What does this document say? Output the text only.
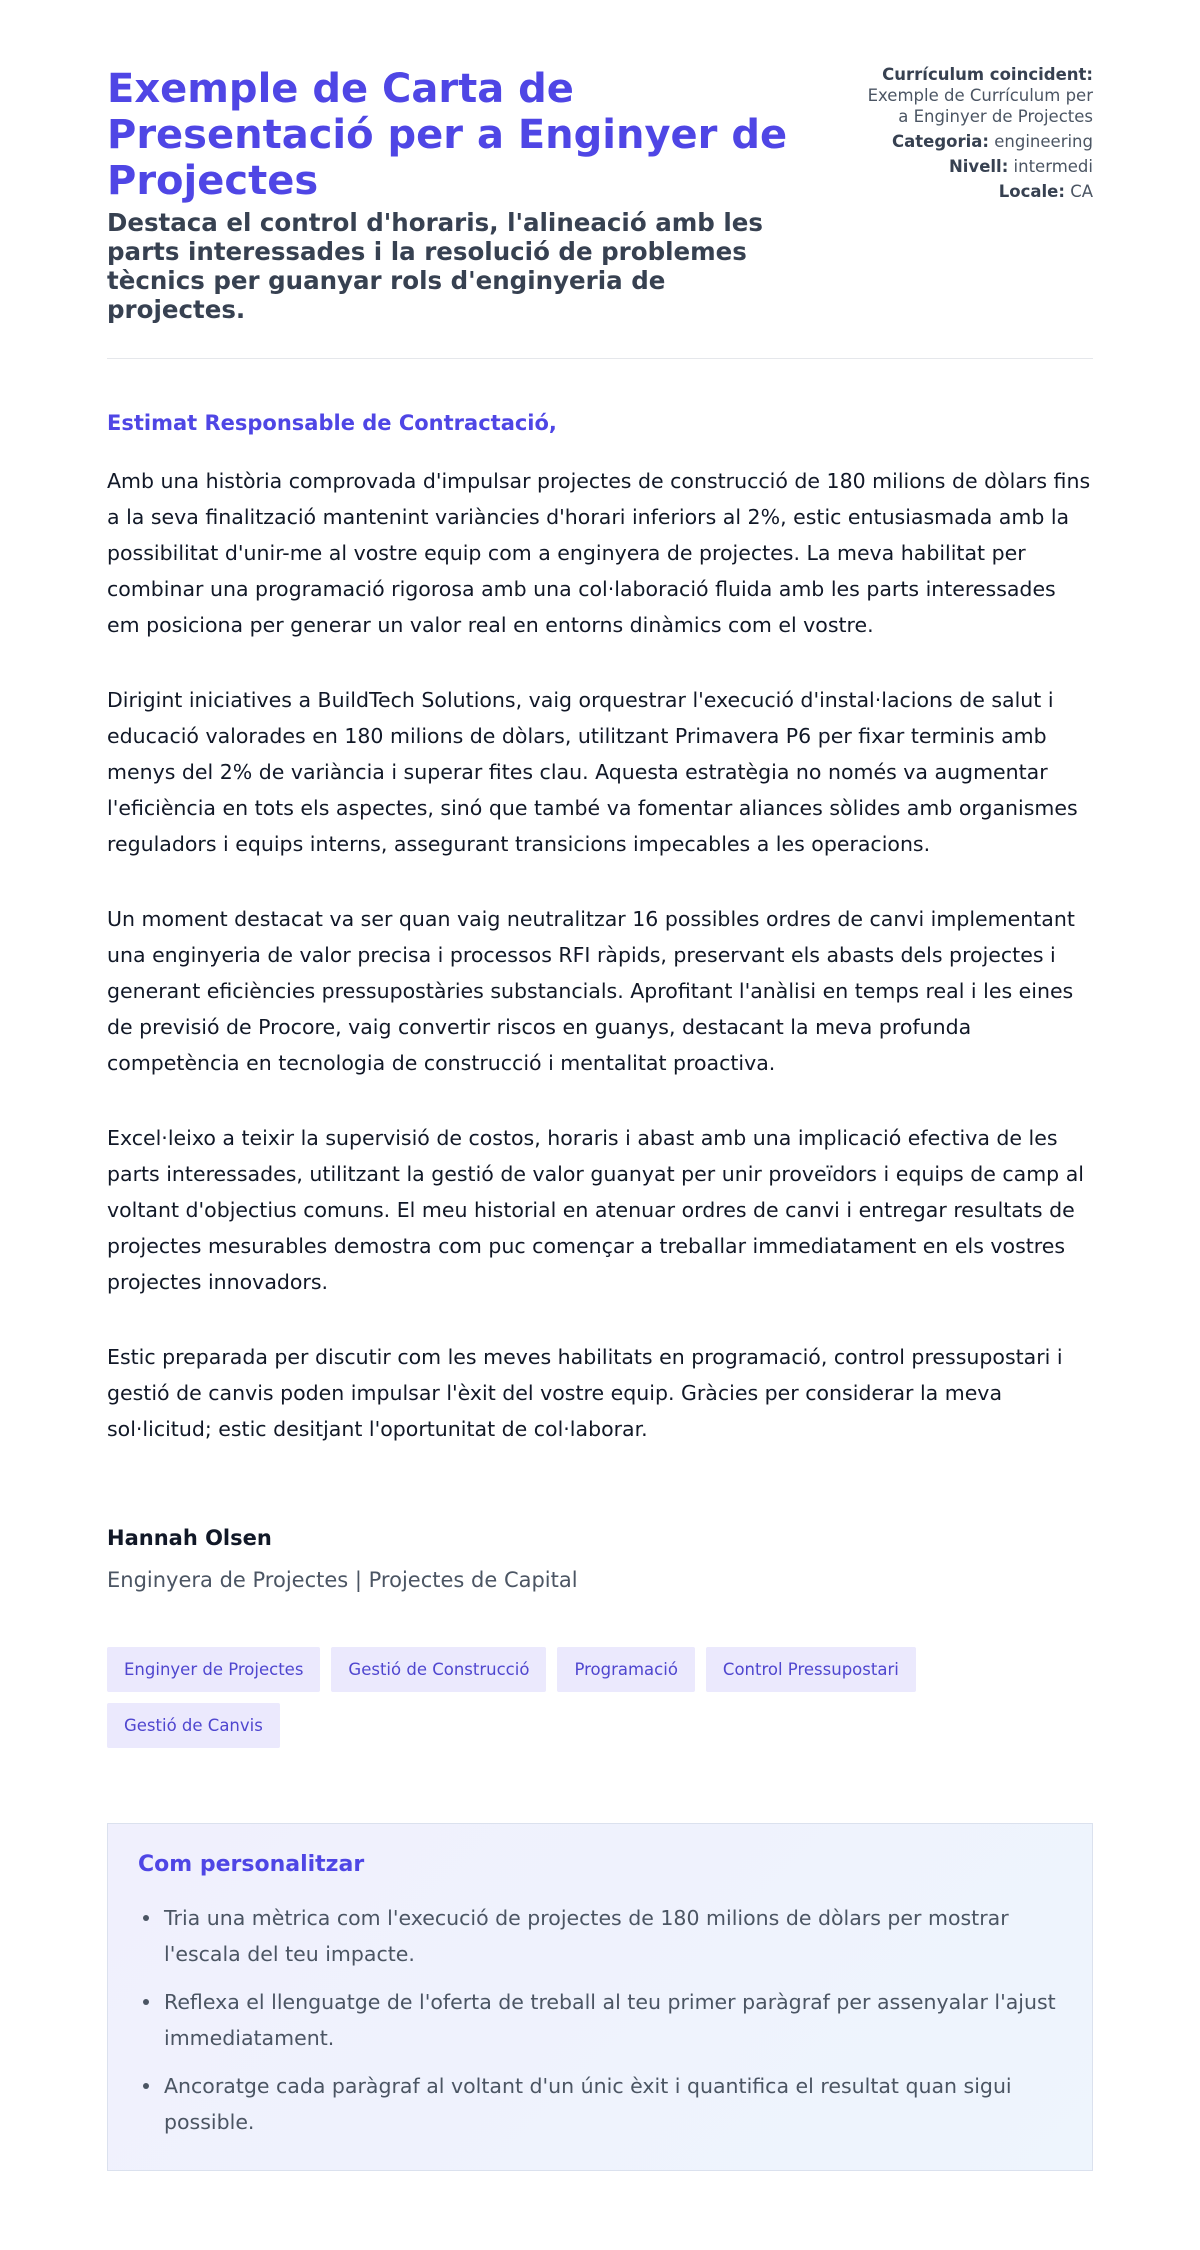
Exemple de Carta de Presentació per a Enginyer de Projectes
Destaca el control d'horaris, l'alineació amb les parts interessades i la resolució de problemes tècnics per guanyar rols d'enginyeria de projectes.
Currículum coincident: Exemple de Currículum per a Enginyer de Projectes
Categoria: engineering
Nivell: intermedi
Locale: CA

Estimat Responsable de Contractació,

Amb una història comprovada d'impulsar projectes de construcció de 180 milions de dòlars fins a la seva finalització mantenint variàncies d'horari inferiors al 2%, estic entusiasmada amb la possibilitat d'unir-me al vostre equip com a enginyera de projectes. La meva habilitat per combinar una programació rigorosa amb una col·laboració fluida amb les parts interessades em posiciona per generar un valor real en entorns dinàmics com el vostre.

Dirigint iniciatives a BuildTech Solutions, vaig orquestrar l'execució d'instal·lacions de salut i educació valorades en 180 milions de dòlars, utilitzant Primavera P6 per fixar terminis amb menys del 2% de variància i superar fites clau. Aquesta estratègia no només va augmentar l'eficiència en tots els aspectes, sinó que també va fomentar aliances sòlides amb organismes reguladors i equips interns, assegurant transicions impecables a les operacions.

Un moment destacat va ser quan vaig neutralitzar 16 possibles ordres de canvi implementant una enginyeria de valor precisa i processos RFI ràpids, preservant els abasts dels projectes i generant eficiències pressupostàries substancials. Aprofitant l'anàlisi en temps real i les eines de previsió de Procore, vaig convertir riscos en guanys, destacant la meva profunda competència en tecnologia de construcció i mentalitat proactiva.

Excel·leixo a teixir la supervisió de costos, horaris i abast amb una implicació efectiva de les parts interessades, utilitzant la gestió de valor guanyat per unir proveïdors i equips de camp al voltant d'objectius comuns. El meu historial en atenuar ordres de canvi i entregar resultats de projectes mesurables demostra com puc començar a treballar immediatament en els vostres projectes innovadors.

Estic preparada per discutir com les meves habilitats en programació, control pressupostari i gestió de canvis poden impulsar l'èxit del vostre equip. Gràcies per considerar la meva sol·licitud; estic desitjant l'oportunitat de col·laborar.

Hannah Olsen
Enginyera de Projectes | Projectes de Capital
Enginyer de Projectes	Gestió de Construcció	Programació	Control Pressupostari
Gestió de Canvis
Com personalitzar
Tria una mètrica com l'execució de projectes de 180 milions de dòlars per mostrar l'escala del teu impacte.
Reflexa el llenguatge de l'oferta de treball al teu primer paràgraf per assenyalar l'ajust immediatament.
Ancoratge cada paràgraf al voltant d'un únic èxit i quantifica el resultat quan sigui possible.
